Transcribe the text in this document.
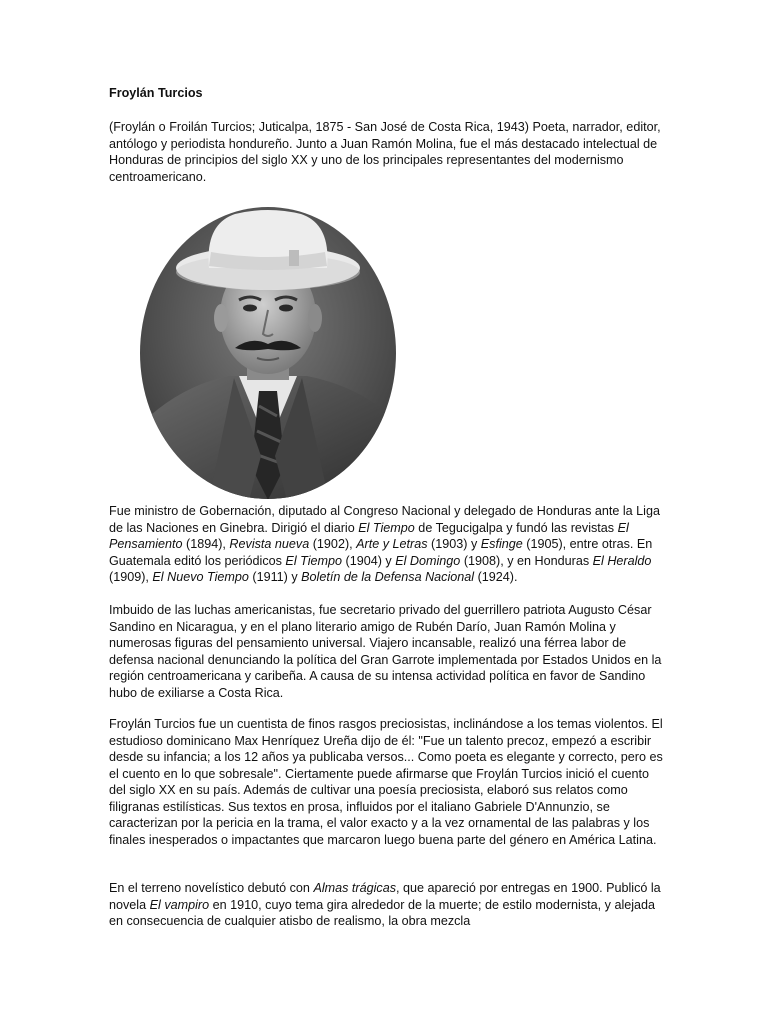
Froylán Turcios

(Froylán o Froilán Turcios; Juticalpa, 1875 - San José de Costa Rica, 1943) Poeta, narrador, editor, antólogo y periodista hondureño. Junto a Juan Ramón Molina, fue el más destacado intelectual de Honduras de principios del siglo XX y uno de los principales representantes del modernismo centroamericano.

Fue ministro de Gobernación, diputado al Congreso Nacional y delegado de Honduras ante la Liga de las Naciones en Ginebra. Dirigió el diario El Tiempo de Tegucigalpa y fundó las revistas El Pensamiento (1894), Revista nueva (1902), Arte y Letras (1903) y Esfinge (1905), entre otras. En Guatemala editó los periódicos El Tiempo (1904) y El Domingo (1908), y en Honduras El Heraldo (1909), El Nuevo Tiempo (1911) y Boletín de la Defensa Nacional (1924).

Imbuido de las luchas americanistas, fue secretario privado del guerrillero patriota Augusto César Sandino en Nicaragua, y en el plano literario amigo de Rubén Darío, Juan Ramón Molina y numerosas figuras del pensamiento universal. Viajero incansable, realizó una férrea labor de defensa nacional denunciando la política del Gran Garrote implementada por Estados Unidos en la región centroamericana y caribeña. A causa de su intensa actividad política en favor de Sandino hubo de exiliarse a Costa Rica.

Froylán Turcios fue un cuentista de finos rasgos preciosistas, inclinándose a los temas violentos. El estudioso dominicano Max Henríquez Ureña dijo de él: "Fue un talento precoz, empezó a escribir desde su infancia; a los 12 años ya publicaba versos... Como poeta es elegante y correcto, pero es el cuento en lo que sobresale". Ciertamente puede afirmarse que Froylán Turcios inició el cuento del siglo XX en su país. Además de cultivar una poesía preciosista, elaboró sus relatos como filigranas estilísticas. Sus textos en prosa, influidos por el italiano Gabriele D'Annunzio, se caracterizan por la pericia en la trama, el valor exacto y a la vez ornamental de las palabras y los finales inesperados o impactantes que marcaron luego buena parte del género en América Latina.

En el terreno novelístico debutó con Almas trágicas, que apareció por entregas en 1900. Publicó la novela El vampiro en 1910, cuyo tema gira alrededor de la muerte; de estilo modernista, y alejada en consecuencia de cualquier atisbo de realismo, la obra mezcla
